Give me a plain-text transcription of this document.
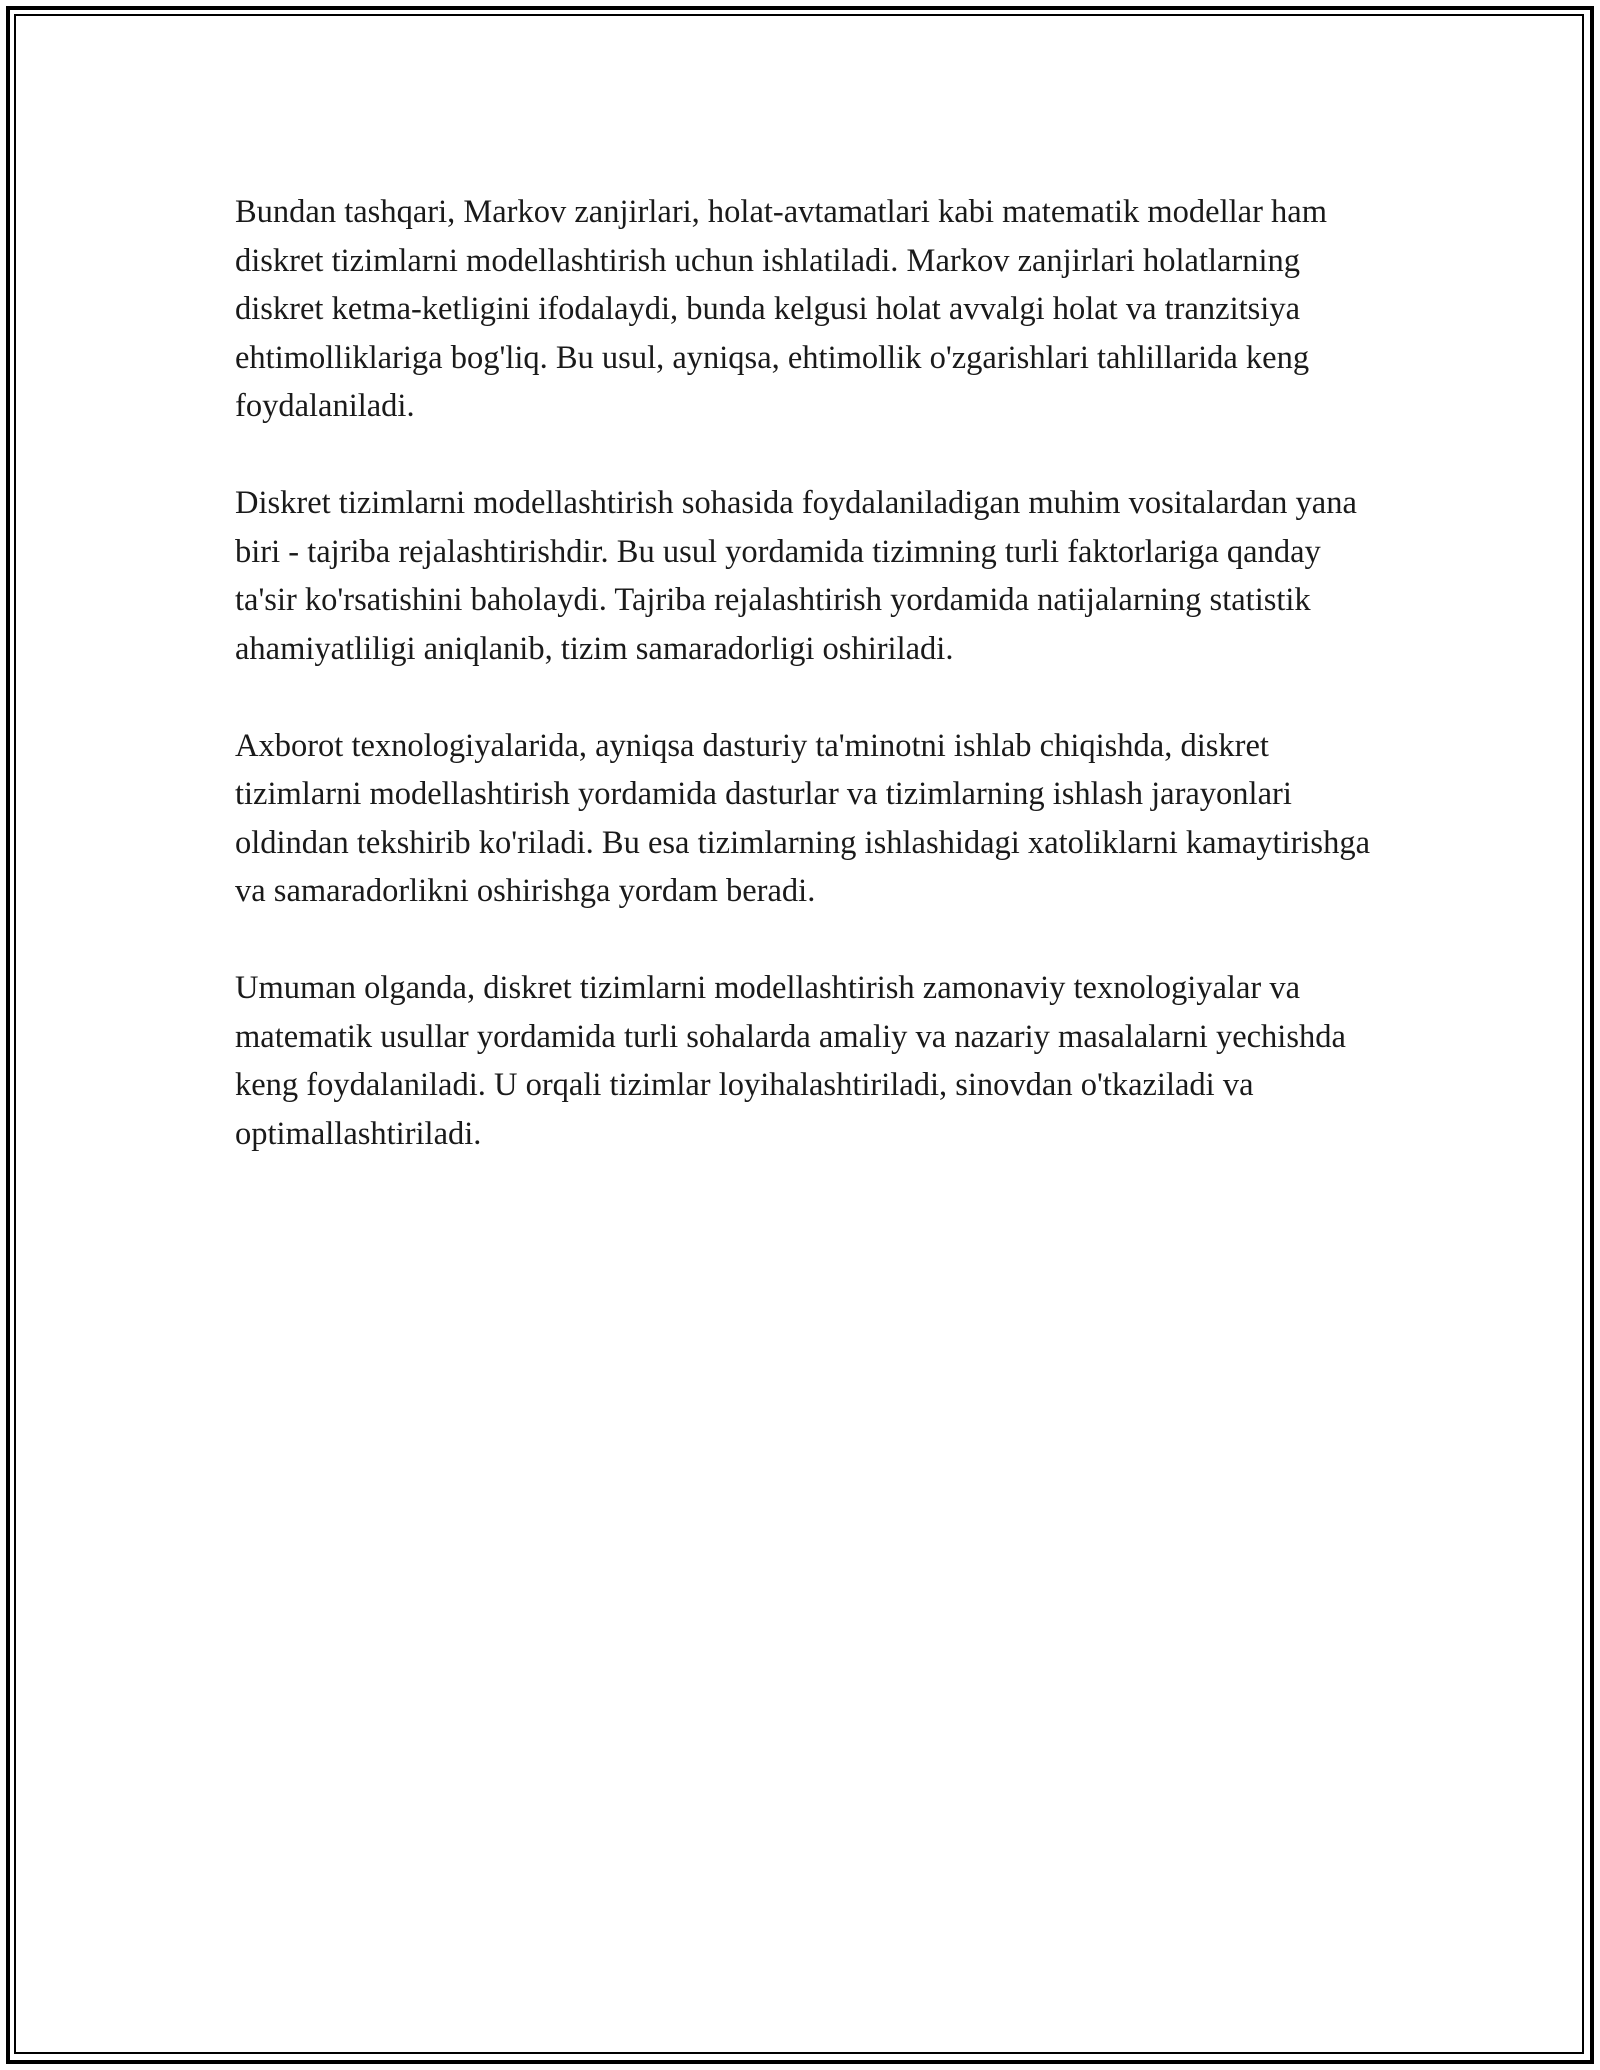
Bundan tashqari, Markov zanjirlari, holat-avtamatlari kabi matematik modellar ham diskret tizimlarni modellashtirish uchun ishlatiladi. Markov zanjirlari holatlarning diskret ketma-ketligini ifodalaydi, bunda kelgusi holat avvalgi holat va tranzitsiya ehtimolliklariga bog'liq. Bu usul, ayniqsa, ehtimollik o'zgarishlari tahlillarida keng foydalaniladi.

Diskret tizimlarni modellashtirish sohasida foydalaniladigan muhim vositalardan yana biri - tajriba rejalashtirishdir. Bu usul yordamida tizimning turli faktorlariga qanday ta'sir ko'rsatishini baholaydi. Tajriba rejalashtirish yordamida natijalarning statistik ahamiyatliligi aniqlanib, tizim samaradorligi oshiriladi.

Axborot texnologiyalarida, ayniqsa dasturiy ta'minotni ishlab chiqishda, diskret tizimlarni modellashtirish yordamida dasturlar va tizimlarning ishlash jarayonlari oldindan tekshirib ko'riladi. Bu esa tizimlarning ishlashidagi xatoliklarni kamaytirishga va samaradorlikni oshirishga yordam beradi.

Umuman olganda, diskret tizimlarni modellashtirish zamonaviy texnologiyalar va matematik usullar yordamida turli sohalarda amaliy va nazariy masalalarni yechishda keng foydalaniladi. U orqali tizimlar loyihalashtiriladi, sinovdan o'tkaziladi va optimallashtiriladi.
